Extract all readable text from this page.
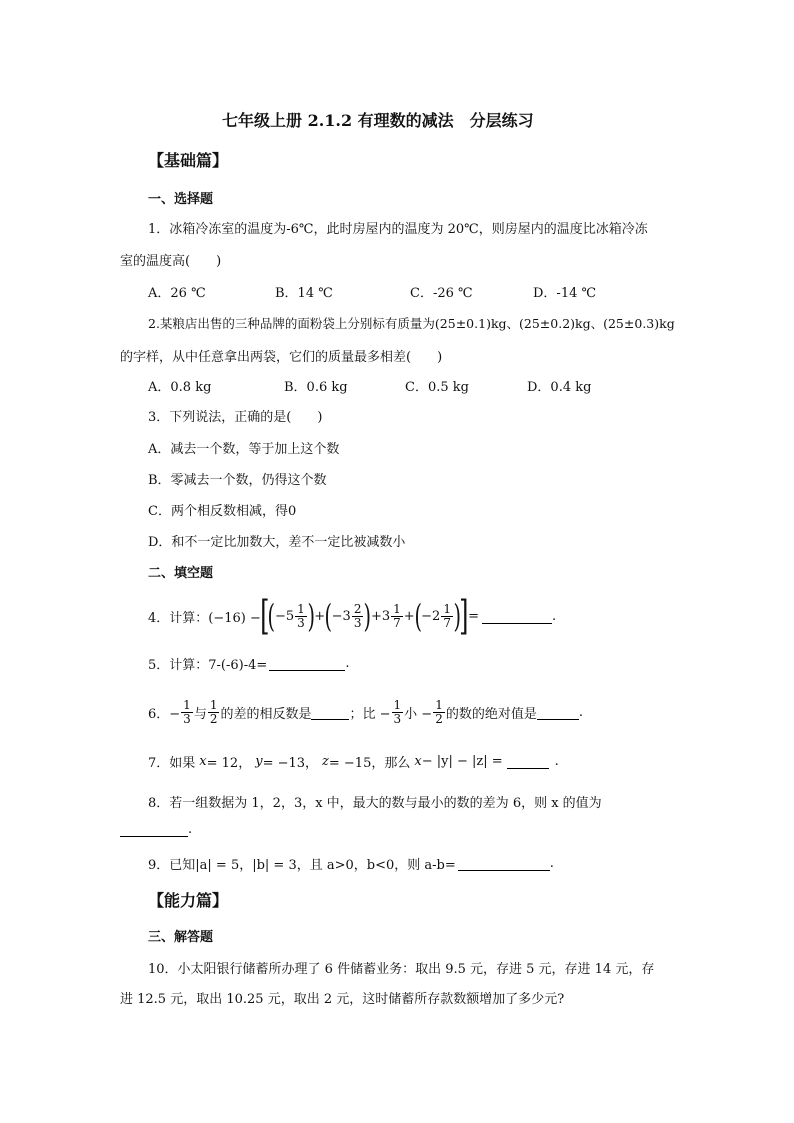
七年级上册 2.1.2 有理数的减法　分层练习
【基础篇】
一、选择题
1．冰箱冷冻室的温度为-6℃，此时房屋内的温度为 20℃，则房屋内的温度比冰箱冷冻
室的温度高(　　)
A．26 ℃	B．14 ℃	C．-26 ℃	D．-14 ℃
2.某粮店出售的三种品牌的面粉袋上分别标有质量为(25±0.1)kg、(25±0.2)kg、(25±0.3)kg
的字样，从中任意拿出两袋，它们的质量最多相差(　　)
A．0.8 kg	B．0.6 kg	C．0.5 kg	D．0.4 kg
3．下列说法，正确的是(　　)
A．减去一个数，等于加上这个数
B．零减去一个数，仍得这个数
C．两个相反数相减，得0
D．和不一定比加数大，差不一定比被减数小
二、填空题
4．计算：(−16) − [
( $-5 \frac{1}{3}$ ) + ( $-3 \frac{2}{3}$ ) $+3 \frac{1}{7}$ + ( $-2 \frac{1}{7}$ )
] =	.
5．计算：7-(-6)-4=	.
6．− $\frac{1}{3}$ 与 $\frac{1}{2}$ 的差的相反数是	；比 − $\frac{1}{3}$ 小 − $\frac{1}{2}$ 的数的绝对值是	.
7．如果 x = 12， y = −13， z = −15，那么 x − |y| − |z| =	.
8．若一组数据为 1，2，3，x 中，最大的数与最小的数的差为 6，则 x 的值为
.
9．已知|a| = 5，|b| = 3，且 a>0，b<0，则 a-b=	.
【能力篇】
三、解答题
10．小太阳银行储蓄所办理了 6 件储蓄业务：取出 9.5 元，存进 5 元，存进 14 元，存
进 12.5 元，取出 10.25 元，取出 2 元，这时储蓄所存款数额增加了多少元?
